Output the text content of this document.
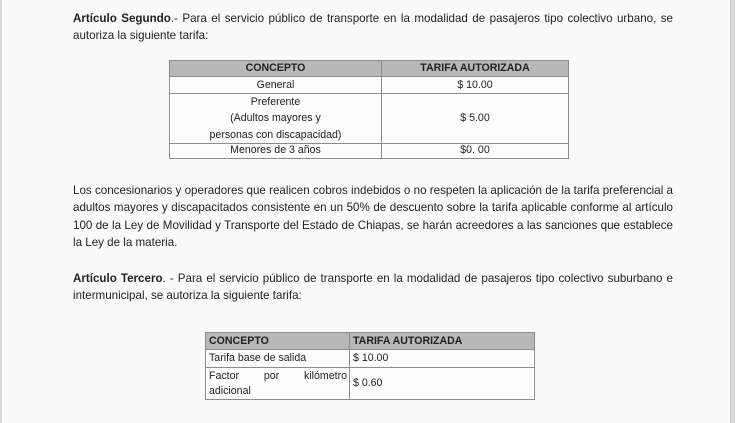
Artículo Segundo.- Para el servicio público de transporte en la modalidad de pasajeros tipo colectivo urbano, se autoriza la siguiente tarifa:

CONCEPTO	TARIFA AUTORIZADA
General	$ 10.00

Preferente
(Adultos mayores y
personas con discapacidad)	$ 5.00
Menores de 3 años	$0. 00

Los concesionarios y operadores que realicen cobros indebidos o no respeten la aplicación de la tarifa preferencial a adultos mayores y discapacitados consistente en un 50% de descuento sobre la tarifa aplicable conforme al artículo 100 de la Ley de Movilidad y Transporte del Estado de Chiapas, se harán acreedores a las sanciones que establece la Ley de la materia.

Artículo Tercero. - Para el servicio público de transporte en la modalidad de pasajeros tipo colectivo suburbano e intermunicipal, se autoriza la siguiente tarifa:

CONCEPTO	TARIFA AUTORIZADA
Tarifa base de salida	$ 10.00

Factor por kilómetro
adicional	$ 0.60
